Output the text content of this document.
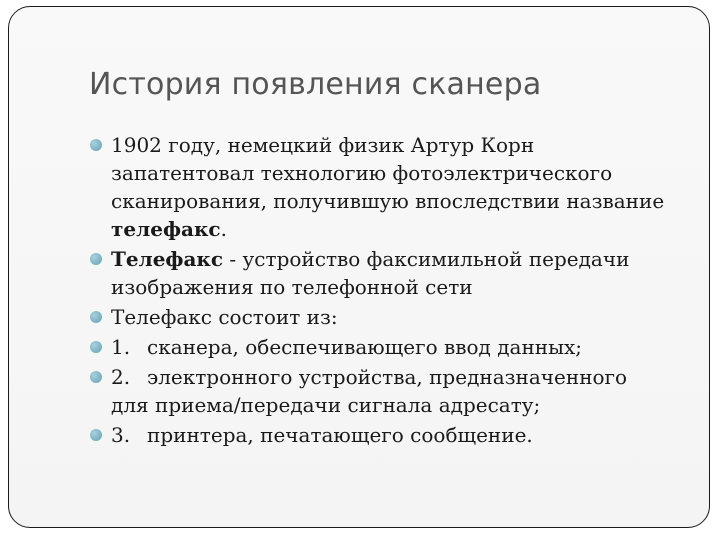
История появления сканера
1902 году, немецкий физик Артур Корн запатентовал технологию фотоэлектрического сканирования, получившую впоследствии название телефакс.
Телефакс - устройство факсимильной передачи изображения по телефонной сети
Телефакс состоит из:
1. сканера, обеспечивающего ввод данных;
2. электронного устройства, предназначенного для приема/передачи сигнала адресату;
3. принтера, печатающего сообщение.
